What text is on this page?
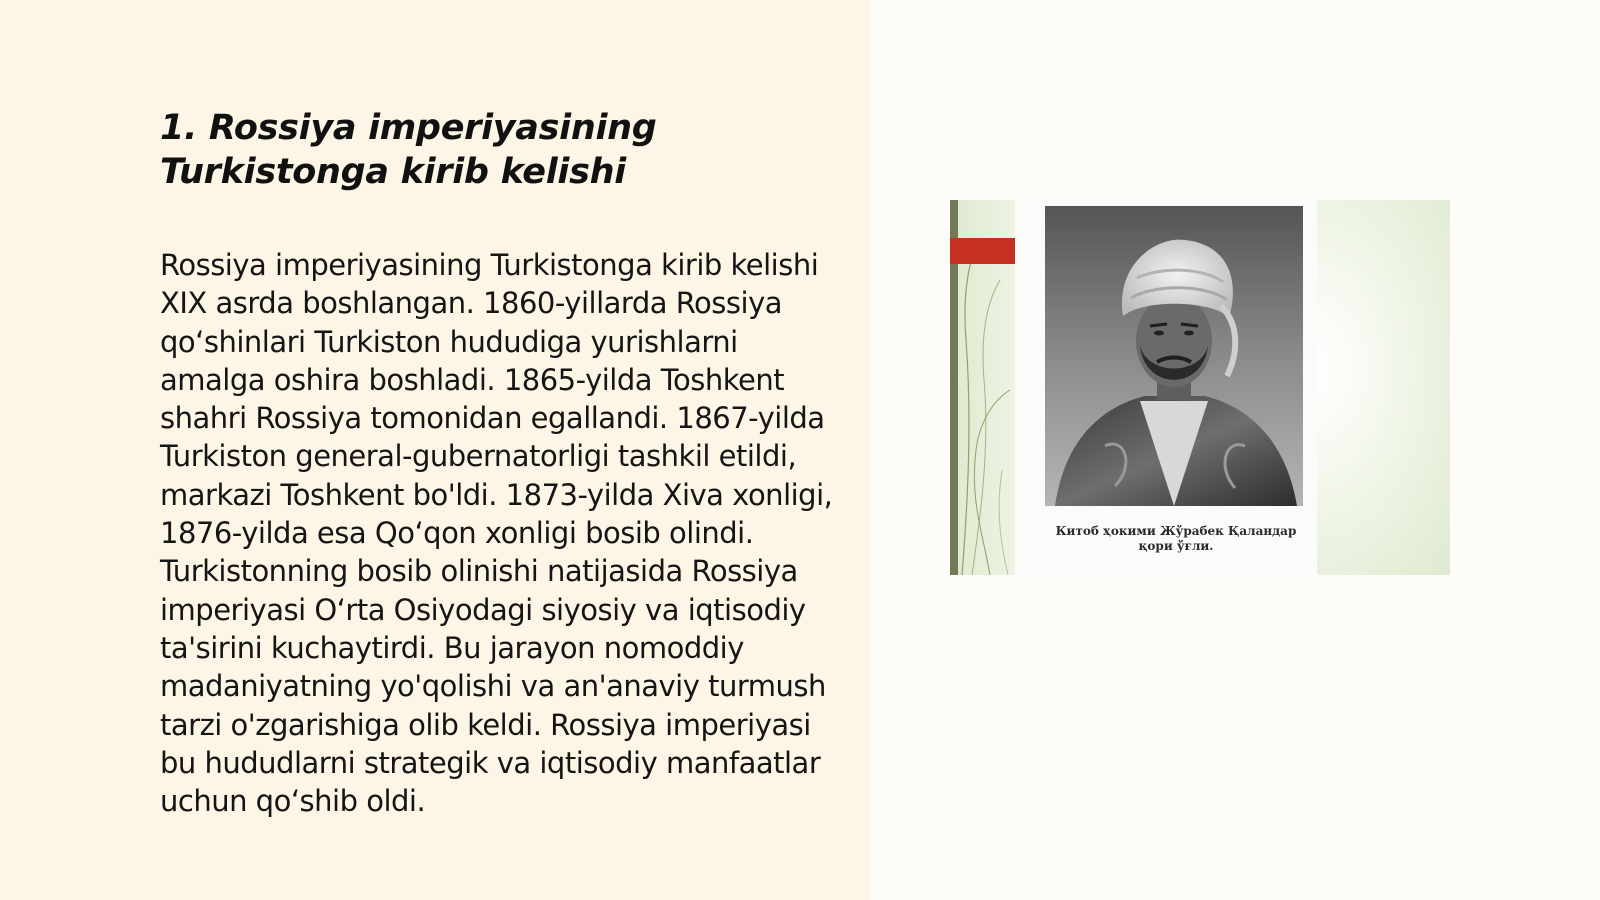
1. Rossiya imperiyasining Turkistonga kirib kelishi

Rossiya imperiyasining Turkistonga kirib kelishi XIX asrda boshlangan. 1860-yillarda Rossiya qo‘shinlari Turkiston hududiga yurishlarni amalga oshira boshladi. 1865-yilda Toshkent shahri Rossiya tomonidan egallandi. 1867-yilda Turkiston general-gubernatorligi tashkil etildi, markazi Toshkent bo'ldi. 1873-yilda Xiva xonligi, 1876-yilda esa Qo‘qon xonligi bosib olindi. Turkistonning bosib olinishi natijasida Rossiya imperiyasi O‘rta Osiyodagi siyosiy va iqtisodiy ta'sirini kuchaytirdi. Bu jarayon nomoddiy madaniyatning yo'qolishi va an'anaviy turmush tarzi o'zgarishiga olib keldi. Rossiya imperiyasi bu hududlarni strategik va iqtisodiy manfaatlar uchun qo‘shib oldi.

Китоб ҳокими Жўрабек Қаландар
қори ўғли.
